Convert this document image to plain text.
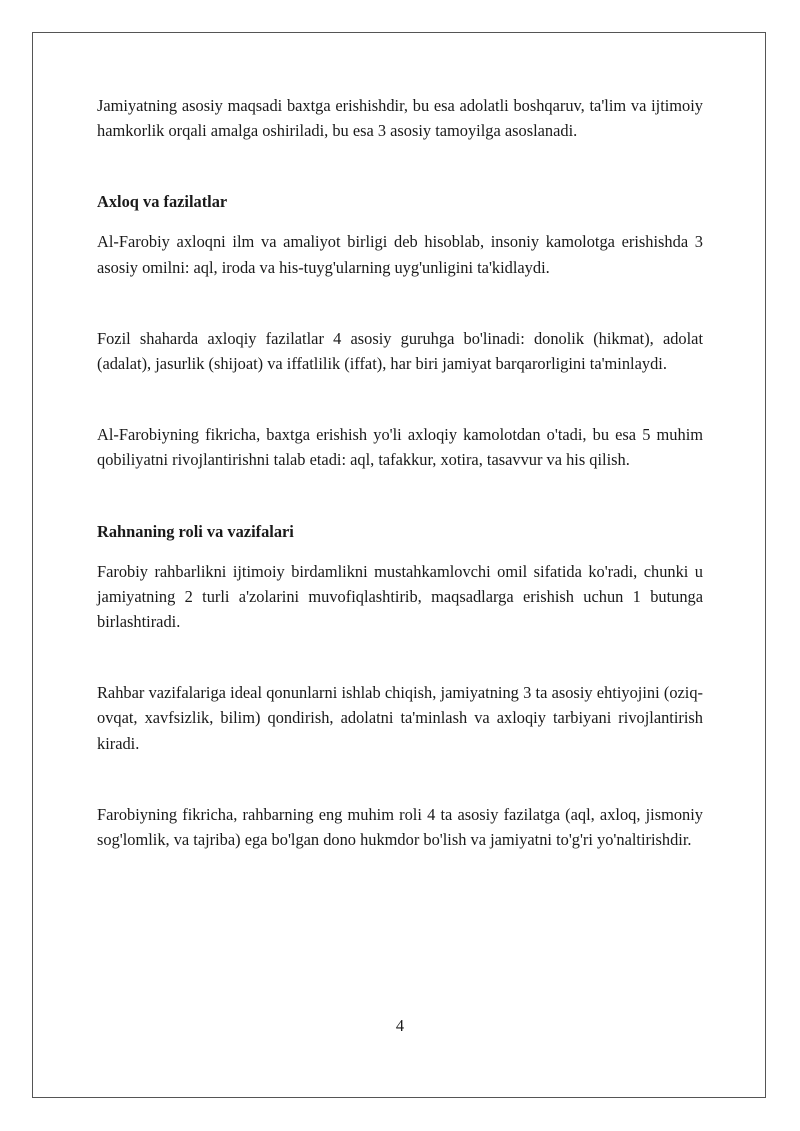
Jamiyatning asosiy maqsadi baxtga erishishdir, bu esa adolatli boshqaruv, ta'lim va ijtimoiy hamkorlik orqali amalga oshiriladi, bu esa 3 asosiy tamoyilga asoslanadi.

Axloq va fazilatlar

Al-Farobiy axloqni ilm va amaliyot birligi deb hisoblab, insoniy kamolotga erishishda 3 asosiy omilni: aql, iroda va his-tuyg'ularning uyg'unligini ta'kidlaydi.

Fozil shaharda axloqiy fazilatlar 4 asosiy guruhga bo'linadi: donolik (hikmat), adolat (adalat), jasurlik (shijoat) va iffatlilik (iffat), har biri jamiyat barqarorligini ta'minlaydi.

Al-Farobiyning fikricha, baxtga erishish yo'li axloqiy kamolotdan o'tadi, bu esa 5 muhim qobiliyatni rivojlantirishni talab etadi: aql, tafakkur, xotira, tasavvur va his qilish.

Rahnaning roli va vazifalari

Farobiy rahbarlikni ijtimoiy birdamlikni mustahkamlovchi omil sifatida ko'radi, chunki u jamiyatning 2 turli a'zolarini muvofiqlashtirib, maqsadlarga erishish uchun 1 butunga birlashtiradi.

Rahbar vazifalariga ideal qonunlarni ishlab chiqish, jamiyatning 3 ta asosiy ehtiyojini (oziq-ovqat, xavfsizlik, bilim) qondirish, adolatni ta'minlash va axloqiy tarbiyani rivojlantirish kiradi.

Farobiyning fikricha, rahbarning eng muhim roli 4 ta asosiy fazilatga (aql, axloq, jismoniy sog'lomlik, va tajriba) ega bo'lgan dono hukmdor bo'lish va jamiyatni to'g'ri yo'naltirishdir.

4
